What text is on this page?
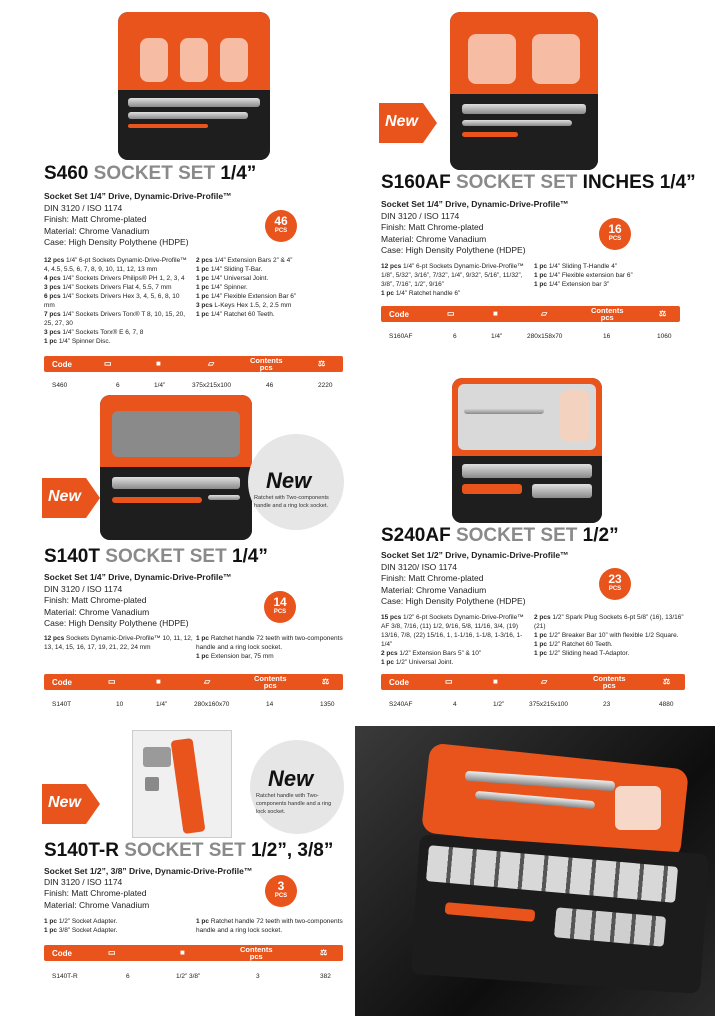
S460 SOCKET SET 1/4”
Socket Set 1/4” Drive, Dynamic-Drive-Profile™
DIN 3120 / ISO 1174
Finish: Matt Chrome-plated
Material: Chrome Vanadium
Case: High Density Polythene (HDPE)
46
PCS
12 pcs 1/4” 6-pt Sockets Dynamic-Drive-Profile™ 4, 4.5, 5.5, 6, 7, 8, 9, 10, 11, 12, 13 mm
4 pcs 1/4” Sockets Drivers Philips® PH 1, 2, 3, 4
3 pcs 1/4” Sockets Drivers Flat 4, 5.5, 7 mm
6 pcs 1/4” Sockets Drivers Hex 3, 4, 5, 6, 8, 10 mm
7 pcs 1/4” Sockets Drivers Torx® T 8, 10, 15, 20, 25, 27, 30
3 pcs 1/4” Sockets Torx® E 6, 7, 8
1 pc 1/4” Spinner Disc.
2 pcs 1/4” Extension Bars 2” & 4”
1 pc 1/4” Sliding T-Bar.
1 pc 1/4” Universal Joint.
1 pc 1/4” Spinner.
1 pc 1/4” Flexible Extension Bar 6”
3 pcs L-Keys Hex 1.5, 2, 2.5 mm
1 pc 1/4” Ratchet 60 Teeth.
Code	▭	■	▱	Contents
pcs	⚖
S460	6	1/4”	375x215x100	46	2220
New
S160AF SOCKET SET INCHES 1/4”
Socket Set 1/4” Drive, Dynamic-Drive-Profile™
DIN 3120 / ISO 1174
Finish: Matt Chrome-plated
Material: Chrome Vanadium
Case: High Density Polythene (HDPE)
16
PCS
12 pcs 1/4” 6-pt Sockets Dynamic-Drive-Profile™ 1/8”, 5/32”, 3/16”, 7/32”, 1/4”, 9/32”, 5/16”, 11/32”, 3/8”, 7/16”, 1/2”, 9/16”
1 pc 1/4” Ratchet handle 6”
1 pc 1/4” Sliding T-Handle 4”
1 pc 1/4” Flexible extension bar 6”
1 pc 1/4” Extension bar 3”
Code	▭	■	▱	Contents
pcs	⚖
S160AF	6	1/4”	280x158x70	16	1060
New
New
Ratchet with Two-components handle and a ring lock socket.
S140T SOCKET SET 1/4”
Socket Set 1/4” Drive, Dynamic-Drive-Profile™
DIN 3120 / ISO 1174
Finish: Matt Chrome-plated
Material: Chrome Vanadium
Case: High Density Polythene (HDPE)
14
PCS
12 pcs Sockets Dynamic-Drive-Profile™ 10, 11, 12, 13, 14, 15, 16, 17, 19, 21, 22, 24 mm
1 pc Ratchet handle 72 teeth with two-components handle and a ring lock socket.
1 pc Extension bar, 75 mm
Code	▭	■	▱	Contents
pcs	⚖
S140T	10	1/4”	280x160x70	14	1350
S240AF SOCKET SET 1/2”
Socket Set 1/2” Drive, Dynamic-Drive-Profile™
DIN 3120/ ISO 1174
Finish: Matt Chrome-plated
Material: Chrome Vanadium
Case: High Density Polythene (HDPE)
23
PCS
15 pcs 1/2” 6-pt Sockets Dynamic-Drive-Profile™ AF 3/8, 7/16, (11) 1/2, 9/16, 5/8, 11/16, 3/4, (19) 13/16, 7/8, (22) 15/16, 1, 1-1/16, 1-1/8, 1-3/16, 1-1/4”
2 pcs 1/2” Extension Bars 5” & 10”
1 pc 1/2” Universal Joint.
2 pcs 1/2” Spark Plug Sockets 6-pt 5/8” (16), 13/16” (21)
1 pc 1/2” Breaker Bar 10” with flexible 1/2 Square.
1 pc 1/2” Ratchet 60 Teeth.
1 pc 1/2” Sliding head T-Adaptor.
Code	▭	■	▱	Contents
pcs	⚖
S240AF	4	1/2”	375x215x100	23	4880
New
New
Ratchet handle with Two-components handle and a ring lock socket.
S140T-R SOCKET SET 1/2”, 3/8”
Socket Set 1/2”, 3/8” Drive, Dynamic-Drive-Profile™
DIN 3120 / ISO 1174
Finish: Matt Chrome-plated
Material: Chrome Vanadium
3
PCS
1 pc 1/2” Socket Adapter.
1 pc 3/8” Socket Adapter.
1 pc Ratchet handle 72 teeth with two-components handle and a ring lock socket.
Code	▭	■	Contents
pcs	⚖
S140T-R	6	1/2” 3/8”	3	382
